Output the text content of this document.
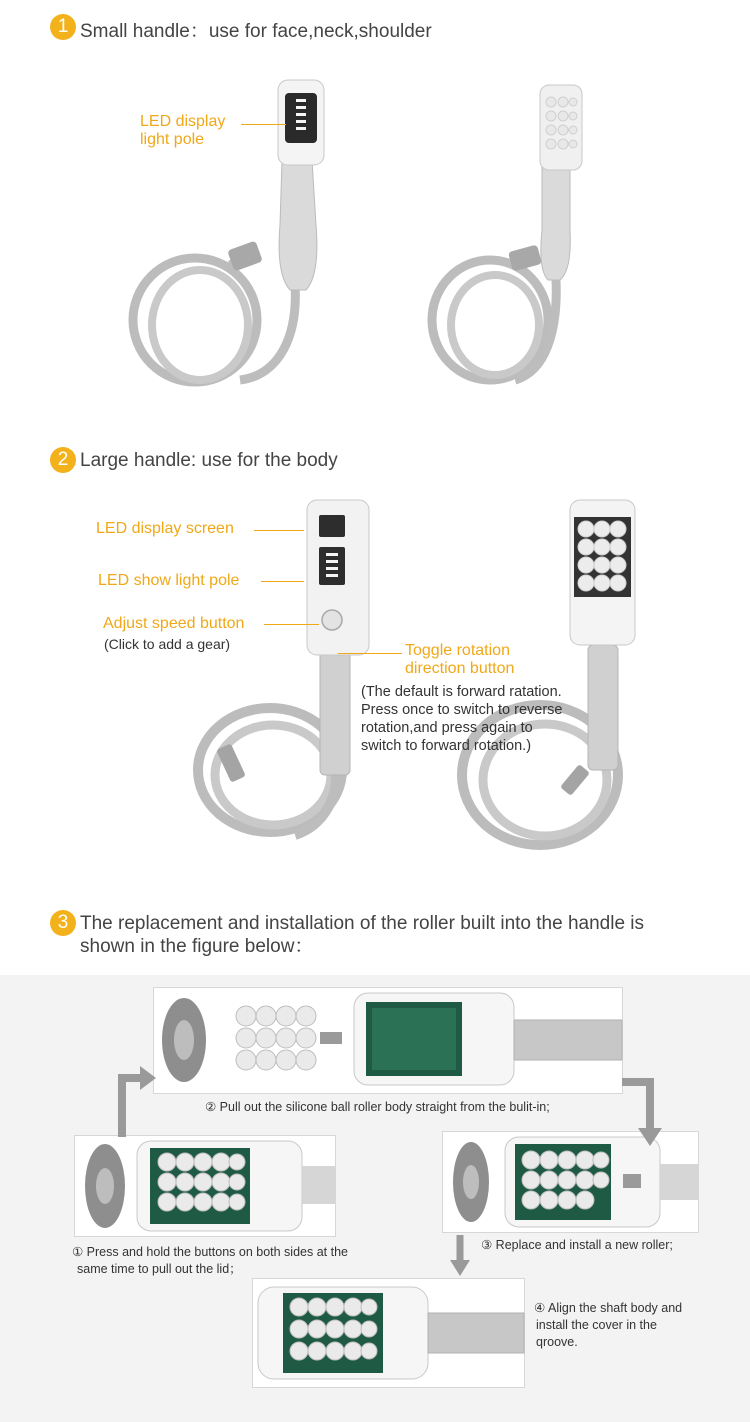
1 Small handle：use for face,neck,shoulder
LED display
light pole
2 Large handle: use for the body
LED display screen
LED show light pole
Adjust speed button
(Click to add a gear)	Toggle rotation
direction button
(The default is forward ratation.
Press once to switch to reverse
rotation,and press again to
switch to forward rotation.)
3 The replacement and installation of the roller built into the handle is shown in the figure below：
② Pull out the silicone ball roller body straight from the bulit-in;
① Press and hold the buttons on both sides at the
same time to pull out the lid；
③ Replace and install a new roller;
④ Align the shaft body and
install the cover in the
qroove.
